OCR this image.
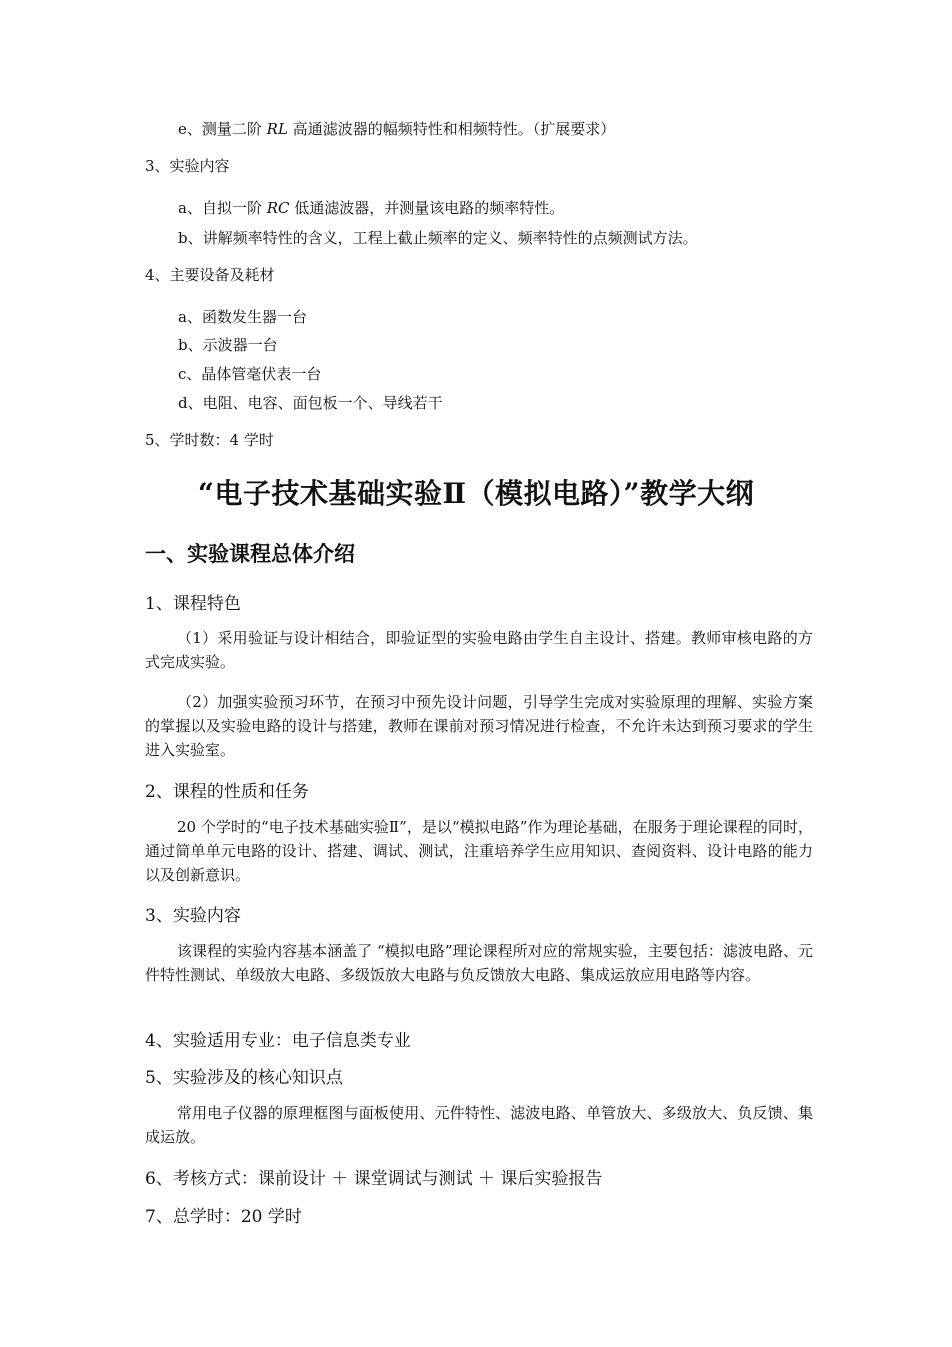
e、测量二阶 RL 高通滤波器的幅频特性和相频特性。（扩展要求）
3、实验内容
a、自拟一阶 RC 低通滤波器，并测量该电路的频率特性。
b、讲解频率特性的含义，工程上截止频率的定义、频率特性的点频测试方法。
4、主要设备及耗材
a、函数发生器一台
b、示波器一台
c、晶体管毫伏表一台
d、电阻、电容、面包板一个、导线若干
5、学时数：4 学时
“电子技术基础实验Ⅱ（模拟电路）”教学大纲
一、实验课程总体介绍
1、课程特色
（1）采用验证与设计相结合，即验证型的实验电路由学生自主设计、搭建。教师审核电路的方式完成实验。
（2）加强实验预习环节，在预习中预先设计问题，引导学生完成对实验原理的理解、实验方案的掌握以及实验电路的设计与搭建，教师在课前对预习情况进行检查，不允许未达到预习要求的学生进入实验室。
2、课程的性质和任务
20 个学时的“电子技术基础实验Ⅱ”，是以“模拟电路”作为理论基础，在服务于理论课程的同时，通过简单单元电路的设计、搭建、调试、测试，注重培养学生应用知识、查阅资料、设计电路的能力以及创新意识。
3、实验内容
该课程的实验内容基本涵盖了 “模拟电路”理论课程所对应的常规实验，主要包括：滤波电路、元件特性测试、单级放大电路、多级饭放大电路与负反馈放大电路、集成运放应用电路等内容。
4、实验适用专业：电子信息类专业
5、实验涉及的核心知识点
常用电子仪器的原理框图与面板使用、元件特性、滤波电路、单管放大、多级放大、负反馈、集成运放。
6、考核方式：课前设计 ＋ 课堂调试与测试 ＋ 课后实验报告
7、总学时：20 学时
